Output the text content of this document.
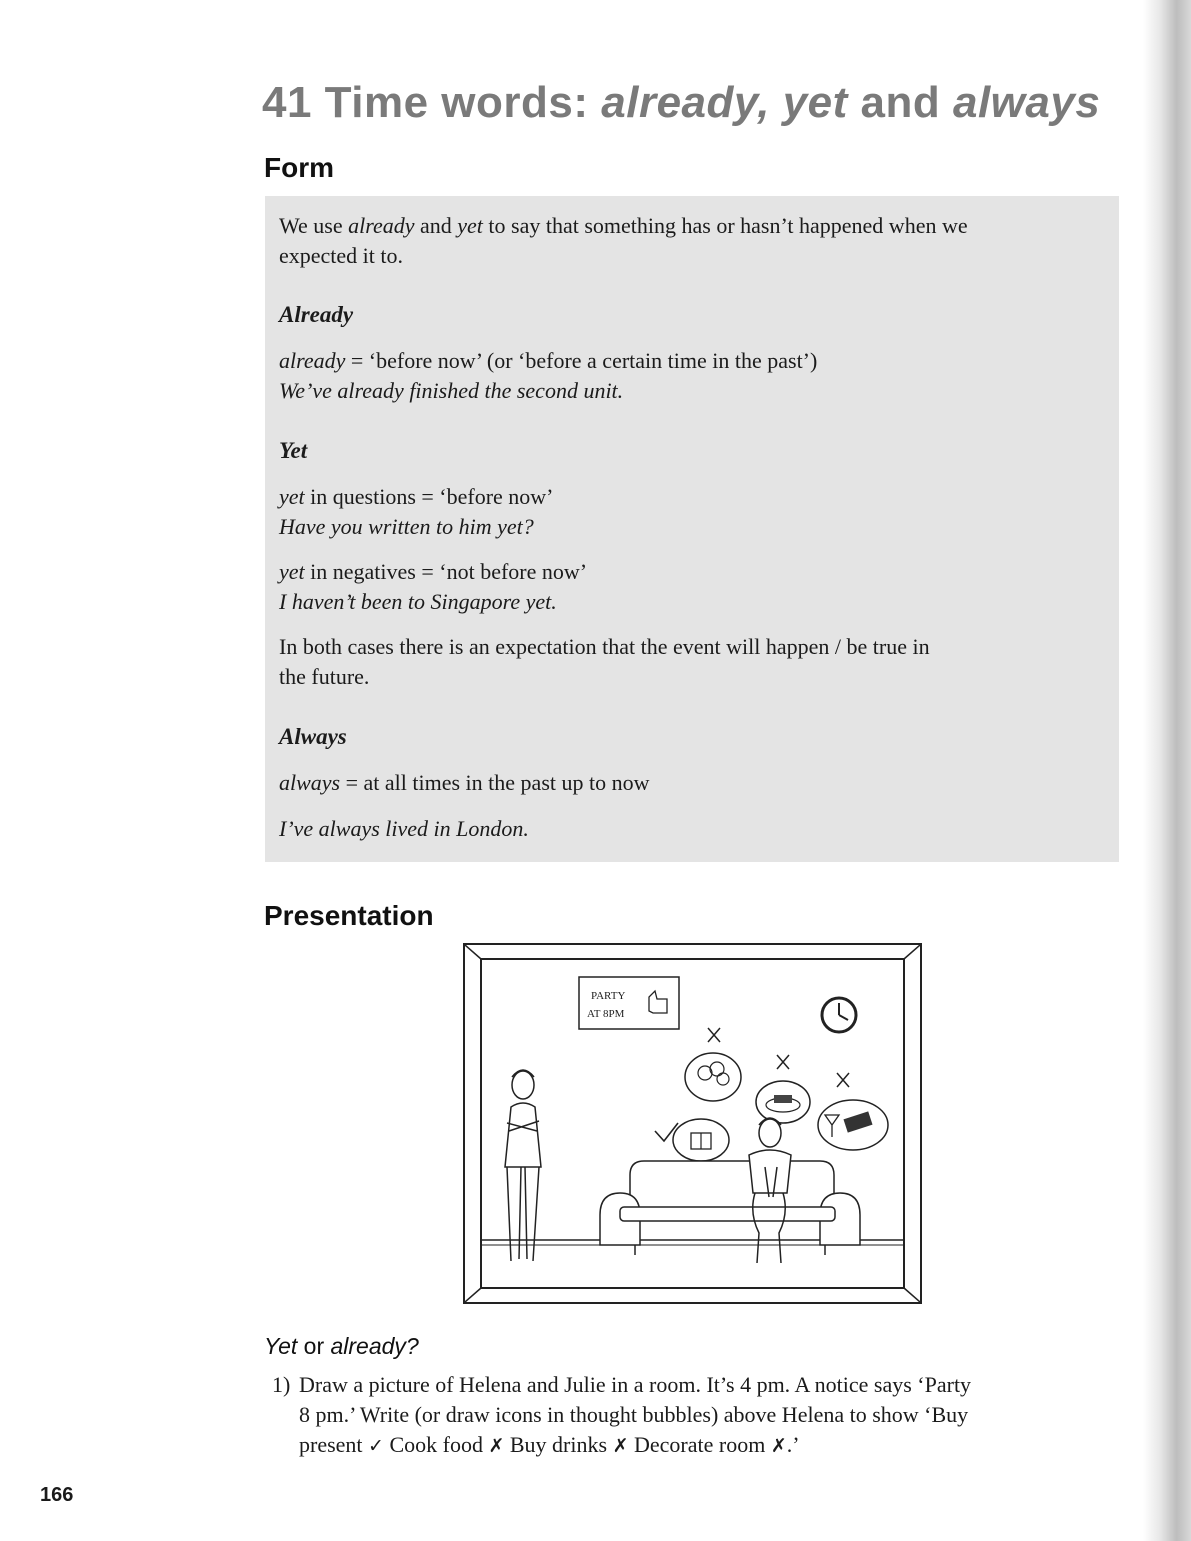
41 Time words: already, yet and always
Form

We use already and yet to say that something has or hasn’t happened when we

expected it to.

Already

already = ‘before now’ (or ‘before a certain time in the past’)

We’ve already finished the second unit.

Yet

yet in questions = ‘before now’

Have you written to him yet?

yet in negatives = ‘not before now’

I haven’t been to Singapore yet.

In both cases there is an expectation that the event will happen / be true in

the future.

Always

always = at all times in the past up to now

I’ve always lived in London.

Presentation
PARTY
AT 8PM

Yet or already?

1) Draw a picture of Helena and Julie in a room. It’s 4 pm. A notice says ‘Party
8 pm.’ Write (or draw icons in thought bubbles) above Helena to show ‘Buy
present ✓ Cook food ✗ Buy drinks ✗ Decorate room ✗.’

166
